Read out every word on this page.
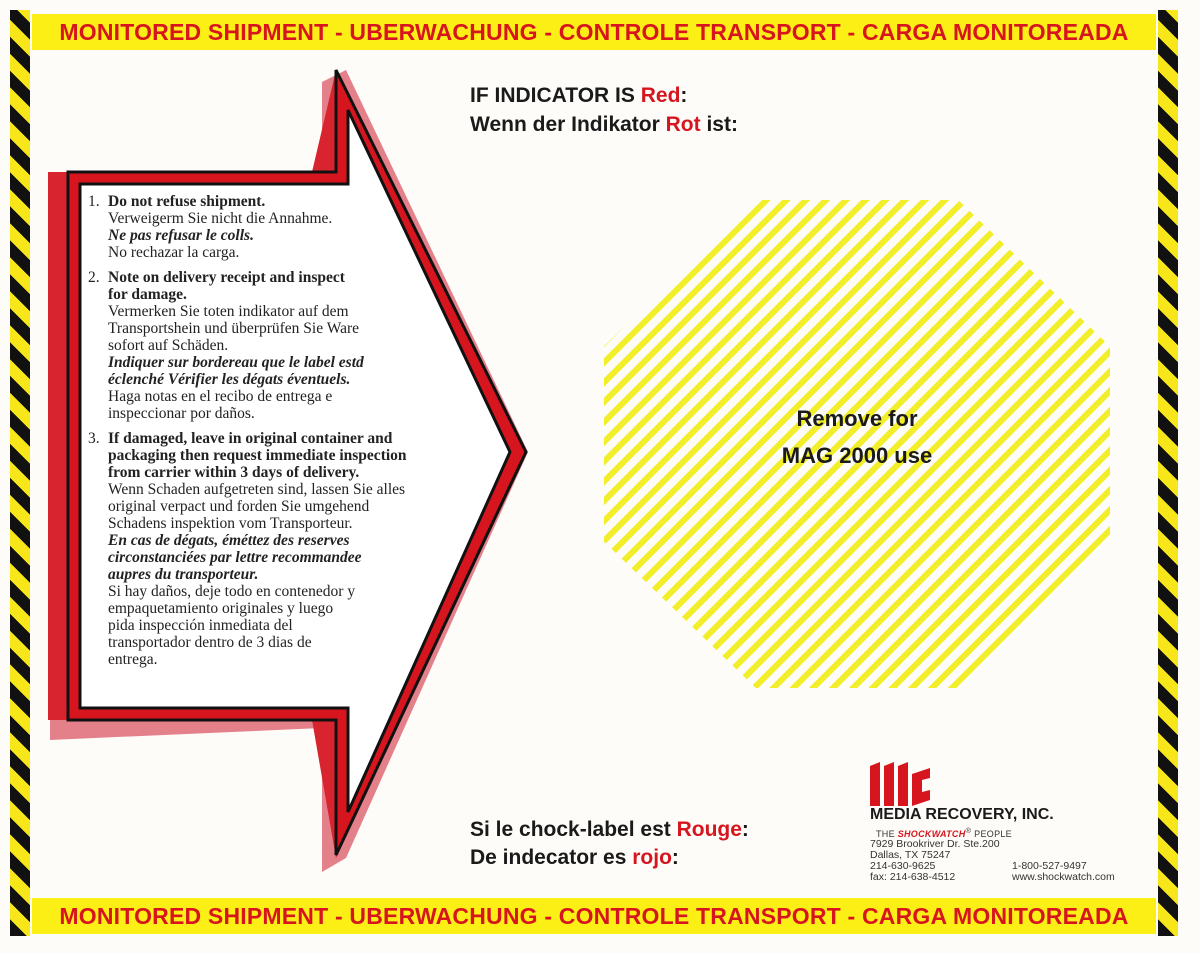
MONITORED SHIPMENT - UBERWACHUNG - CONTROLE TRANSPORT - CARGA MONITOREADA
1. Do not refuse shipment.
Verweigerm Sie nicht die Annahme.
Ne pas refusar le colls.
No rechazar la carga.
2. Note on delivery receipt and inspect
for damage.
Vermerken Sie toten indikator auf dem
Transportshein und überprüfen Sie Ware
sofort auf Schäden.
Indiquer sur bordereau que le label estd
éclenché Vérifier les dégats éventuels.
Haga notas en el recibo de entrega e
inspeccionar por daños.
3. If damaged, leave in original container and
packaging then request immediate inspection
from carrier within 3 days of delivery.
Wenn Schaden aufgetreten sind, lassen Sie alles
original verpact und forden Sie umgehend
Schadens inspektion vom Transporteur.
En cas de dégats, éméttez des reserves
circonstanciées par lettre recommandee
aupres du transporteur.
Si hay daños, deje todo en contenedor y
empaquetamiento originales y luego
pida inspección inmediata del
transportador dentro de 3 dias de
entrega.
IF INDICATOR IS Red:
Wenn der Indikator Rot ist:
Remove for
MAG 2000 use
Si le chock-label est Rouge:
De indecator es rojo:
MEDIA RECOVERY, INC.
THE SHOCKWATCH® PEOPLE
7929 Brookriver Dr. Ste.200
Dallas, TX 75247
214-630-9625
fax: 214-638-4512
1-800-527-9497
www.shockwatch.com
MONITORED SHIPMENT - UBERWACHUNG - CONTROLE TRANSPORT - CARGA MONITOREADA
